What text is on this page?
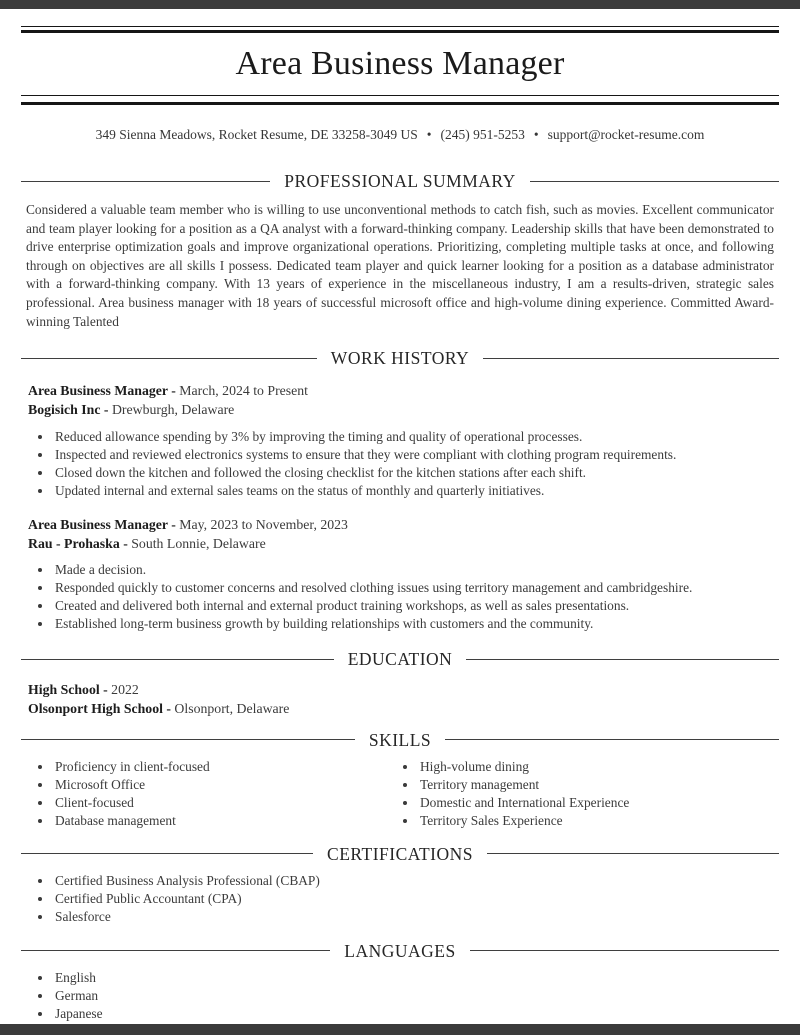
Area Business Manager

349 Sienna Meadows, Rocket Resume, DE 33258-3049 US • (245) 951-5253 • support@rocket-resume.com

PROFESSIONAL SUMMARY

Considered a valuable team member who is willing to use unconventional methods to catch fish, such as movies. Excellent communicator and team player looking for a position as a QA analyst with a forward-thinking company. Leadership skills that have been demonstrated to drive enterprise optimization goals and improve organizational operations. Prioritizing, completing multiple tasks at once, and following through on objectives are all skills I possess. Dedicated team player and quick learner looking for a position as a database administrator with a forward-thinking company. With 13 years of experience in the miscellaneous industry, I am a results-driven, strategic sales professional. Area business manager with 18 years of successful microsoft office and high-volume dining experience. Committed Award-winning Talented

WORK HISTORY

Area Business Manager - March, 2024 to Present

Bogisich Inc - Drewburgh, Delaware

• Reduced allowance spending by 3% by improving the timing and quality of operational processes.
• Inspected and reviewed electronics systems to ensure that they were compliant with clothing program requirements.
• Closed down the kitchen and followed the closing checklist for the kitchen stations after each shift.
• Updated internal and external sales teams on the status of monthly and quarterly initiatives.

Area Business Manager - May, 2023 to November, 2023

Rau - Prohaska - South Lonnie, Delaware

• Made a decision.
• Responded quickly to customer concerns and resolved clothing issues using territory management and cambridgeshire.
• Created and delivered both internal and external product training workshops, as well as sales presentations.
• Established long-term business growth by building relationships with customers and the community.
EDUCATION

High School - 2022

Olsonport High School - Olsonport, Delaware

SKILLS
• Proficiency in client-focused
• Microsoft Office
• Client-focused
• Database management
• High-volume dining
• Territory management
• Domestic and International Experience
• Territory Sales Experience
CERTIFICATIONS
• Certified Business Analysis Professional (CBAP)
• Certified Public Accountant (CPA)
• Salesforce
LANGUAGES
• English
• German
• Japanese
